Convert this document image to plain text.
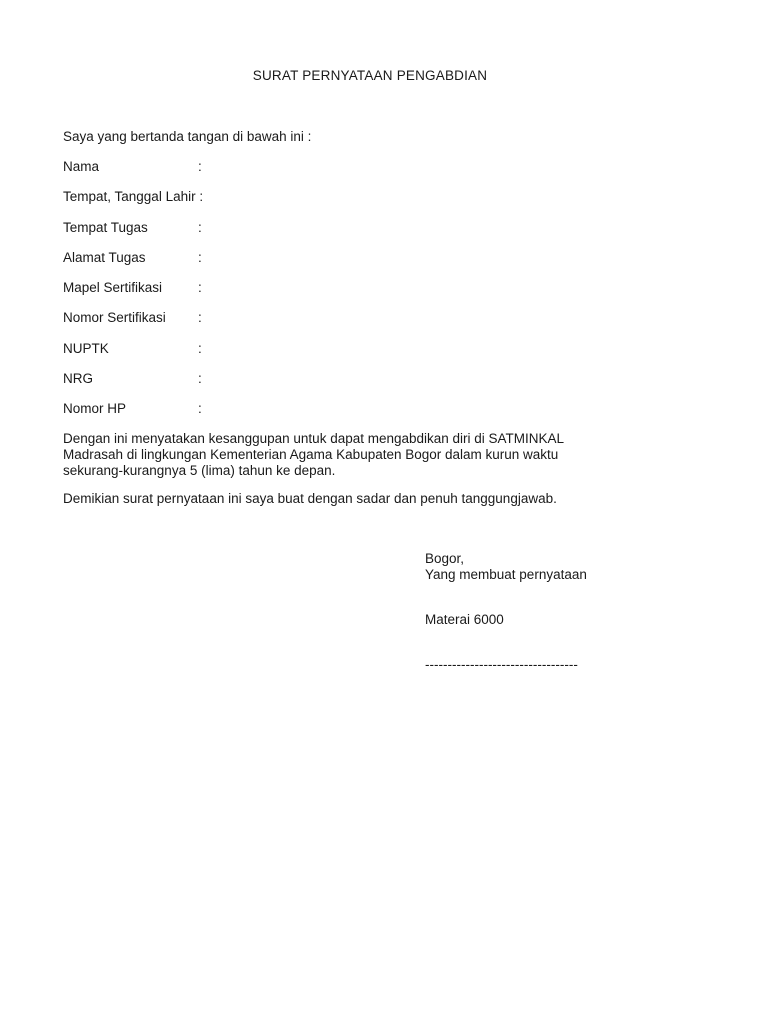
SURAT PERNYATAAN PENGABDIAN
Saya yang bertanda tangan di bawah ini :
Nama	:
Tempat, Tanggal Lahir :
Tempat Tugas	:
Alamat Tugas	:
Mapel Sertifikasi	:
Nomor Sertifikasi :
NUPTK	:
NRG	:
Nomor HP	:
Dengan ini menyatakan kesanggupan untuk dapat mengabdikan diri di SATMINKAL
Madrasah di lingkungan Kementerian Agama Kabupaten Bogor dalam kurun waktu
sekurang-kurangnya 5 (lima) tahun ke depan.
Demikian surat pernyataan ini saya buat dengan sadar dan penuh tanggungjawab.
Bogor,
Yang membuat pernyataan
Materai 6000
----------------------------------
